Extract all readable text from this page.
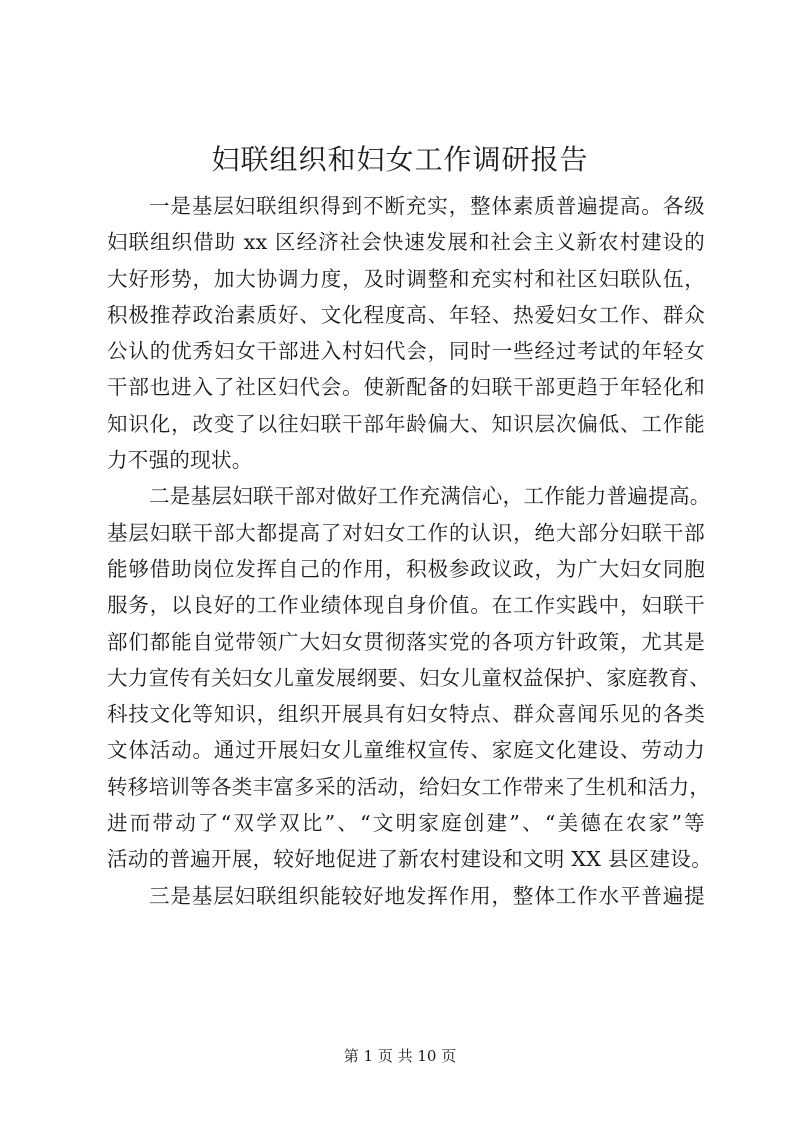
妇联组织和妇女工作调研报告
一是基层妇联组织得到不断充实，整体素质普遍提高。各级
妇联组织借助 xx 区经济社会快速发展和社会主义新农村建设的
大好形势，加大协调力度，及时调整和充实村和社区妇联队伍，
积极推荐政治素质好、文化程度高、年轻、热爱妇女工作、群众
公认的优秀妇女干部进入村妇代会，同时一些经过考试的年轻女
干部也进入了社区妇代会。使新配备的妇联干部更趋于年轻化和
知识化，改变了以往妇联干部年龄偏大、知识层次偏低、工作能
力不强的现状。
二是基层妇联干部对做好工作充满信心，工作能力普遍提高。
基层妇联干部大都提高了对妇女工作的认识，绝大部分妇联干部
能够借助岗位发挥自己的作用，积极参政议政，为广大妇女同胞
服务，以良好的工作业绩体现自身价值。在工作实践中，妇联干
部们都能自觉带领广大妇女贯彻落实党的各项方针政策，尤其是
大力宣传有关妇女儿童发展纲要、妇女儿童权益保护、家庭教育、
科技文化等知识，组织开展具有妇女特点、群众喜闻乐见的各类
文体活动。通过开展妇女儿童维权宣传、家庭文化建设、劳动力
转移培训等各类丰富多采的活动，给妇女工作带来了生机和活力，
进而带动了“双学双比”、“文明家庭创建”、“美德在农家”等
活动的普遍开展，较好地促进了新农村建设和文明 XX 县区建设。
三是基层妇联组织能较好地发挥作用，整体工作水平普遍提
第 1 页 共 10 页
